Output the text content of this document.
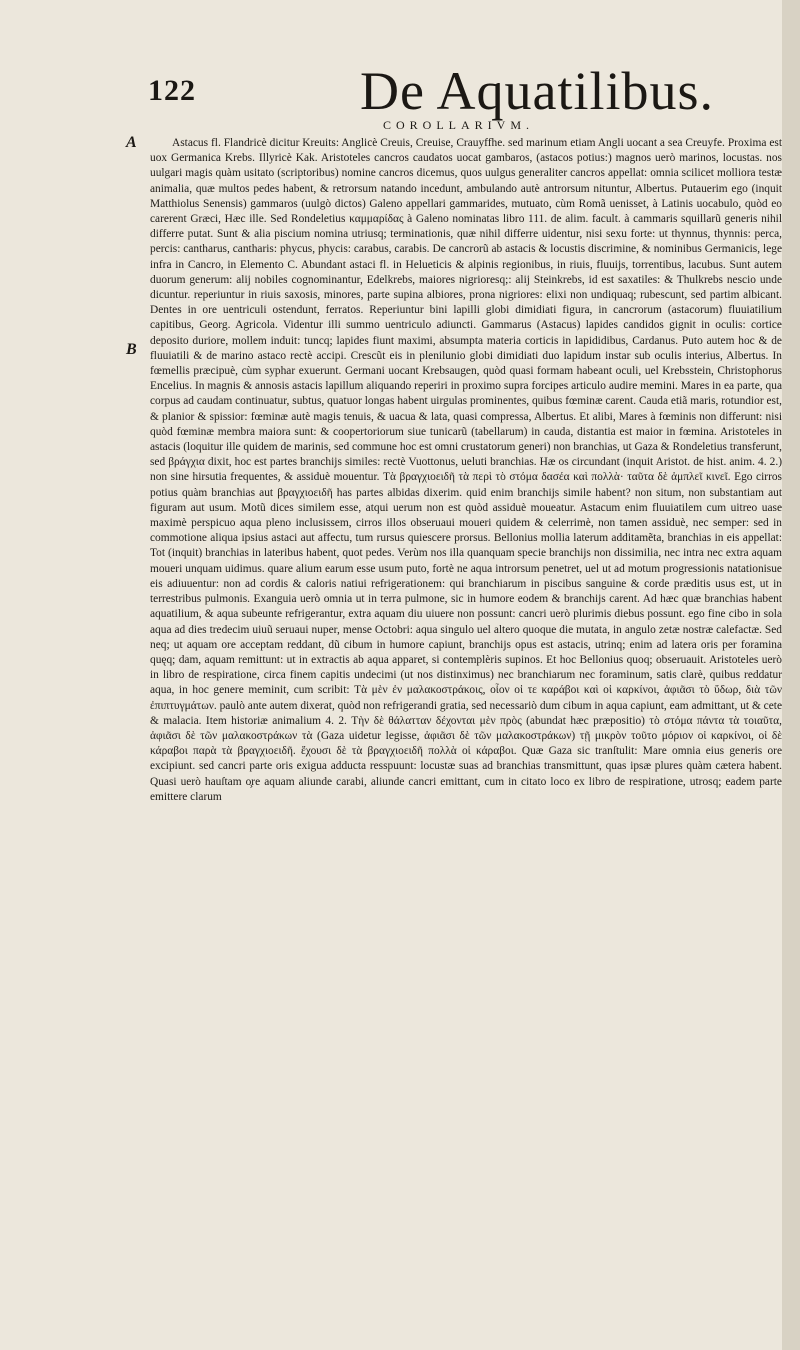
122	De Aquatilibus.
COROLLARIVM.
A
B
Astacus fl. Flandricè dicitur Kreuits: Anglicè Creuis, Creuise, Crauyffhe. sed marinum etiam Angli uocant a sea Creuyfe. Proxima est uox Germanica Krebs. Illyricè Kak. Aristoteles cancros caudatos uocat gambaros, (astacos potius:) magnos uerò marinos, locustas. nos uulgari magis quàm usitato (scriptoribus) nomine cancros dicemus, quos uulgus generaliter cancros appellat: omnia scilicet molliora testæ animalia, quæ multos pedes habent, & retrorsum natando incedunt, ambulando autè antrorsum nituntur, Albertus. Putauerim ego (inquit Matthiolus Senensis) gammaros (uulgò dictos) Galeno appellari gammarides, mutuato, cùm Romã uenisset, à Latinis uocabulo, quòd eo carerent Græci, Hæc ille. Sed Rondeletius καμμαρίδας à Galeno nominatas libro 111. de alim. facult. à cammaris squillarũ generis nihil differre putat. Sunt & alia piscium nomina utriusq; terminationis, quæ nihil differre uidentur, nisi sexu forte: ut thynnus, thynnis: perca, percis: cantharus, cantharis: phycus, phycis: carabus, carabis. De cancrorũ ab astacis & locustis discrimine, & nominibus Germanicis, lege infra in Cancro, in Elemento C. Abundant astaci fl. in Helueticis & alpinis regionibus, in riuis, fluuijs, torrentibus, lacubus. Sunt autem duorum generum: alij nobiles cognominantur, Edelkrebs, maiores nigrioresq;: alij Steinkrebs, id est saxatiles: & Thulkrebs nescio unde dicuntur. reperiuntur in riuis saxosis, minores, parte supina albiores, prona nigriores: elixi non undiquaq; rubescunt, sed partim albicant. Dentes in ore uentriculi ostendunt, ferratos. Reperiuntur bini lapilli globi dimidiati figura, in cancrorum (astacorum) fluuiatilium capitibus, Georg. Agricola. Videntur illi summo uentriculo adiuncti. Gammarus (Astacus) lapides candidos gignit in oculis: cortice deposito duriore, mollem induit: tuncq; lapides fiunt maximi, absumpta materia corticis in lapididibus, Cardanus. Puto autem hoc & de fluuiatili & de marino astaco rectè accipi. Crescũt eis in plenilunio globi dimidiati duo lapidum instar sub oculis interius, Albertus. In fœmellis præcipuè, cùm syphar exuerunt. Germani uocant Krebsaugen, quòd quasi formam habeant oculi, uel Krebsstein, Christophorus Encelius. In magnis & annosis astacis lapillum aliquando reperiri in proximo supra forcipes articulo audire memini. Mares in ea parte, qua corpus ad caudam continuatur, subtus, quatuor longas habent uirgulas prominentes, quibus fœminæ carent. Cauda etiã maris, rotundior est, & planior & spissior: fœminæ autè magis tenuis, & uacua & lata, quasi compressa, Albertus. Et alibi, Mares à fœminis non differunt: nisi quòd fœminæ membra maiora sunt: & coopertoriorum siue tunicarũ (tabellarum) in cauda, distantia est maior in fœmina. Aristoteles in astacis (loquitur ille quidem de marinis, sed commune hoc est omni crustatorum generi) non branchias, ut Gaza & Rondeletius transferunt, sed βράγχια dixit, hoc est partes branchijs similes: rectè Vuottonus, ueluti branchias. Hæ os circundant (inquit Aristot. de hist. anim. 4. 2.) non sine hirsutia frequentes, & assiduè mouentur. Τὰ βραγχιοειδῆ τὰ περὶ τὸ στόμα δασέα καὶ πολλὰ· ταῦτα δὲ ἀμπλεῖ κινεῖ. Ego cirros potius quàm branchias aut βραγχιοειδῆ has partes albidas dixerim. quid enim branchijs simile habent? non situm, non substantiam aut figuram aut usum. Motũ dices similem esse, atqui uerum non est quòd assiduè moueatur. Astacum enim fluuiatilem cum uitreo uase maximè perspicuo aqua pleno inclusissem, cirros illos obseruaui moueri quidem & celerrimè, non tamen assiduè, nec semper: sed in commotione aliqua ipsius astaci aut affectu, tum rursus quiescere prorsus. Bellonius mollia laterum additamẽta, branchias in eis appellat: Tot (inquit) branchias in lateribus habent, quot pedes. Verùm nos illa quanquam specie branchijs non dissimilia, nec intra nec extra aquam moueri unquam uidimus. quare alium earum esse usum puto, fortè ne aqua introrsum penetret, uel ut ad motum progressionis natationisue eis adiuuentur: non ad cordis & caloris natiui refrigerationem: qui branchiarum in piscibus sanguine & corde præditis usus est, ut in terrestribus pulmonis. Exanguia uerò omnia ut in terra pulmone, sic in humore eodem & branchijs carent. Ad hæc quæ branchias habent aquatilium, & aqua subeunte refrigerantur, extra aquam diu uiuere non possunt: cancri uerò plurimis diebus possunt. ego fine cibo in sola aqua ad dies tredecim uiuũ seruaui nuper, mense Octobri: aqua singulo uel altero quoque die mutata, in angulo zetæ nostræ calefactæ. Sed neq; ut aquam ore acceptam reddant, dũ cibum in humore capiunt, branchijs opus est astacis, utrinq; enim ad latera oris per foramina quęq; dam, aquam remittunt: ut in extractis ab aqua apparet, si contemplèris supinos. Et hoc Bellonius quoq; obseruauit. Aristoteles uerò in libro de respiratione, circa finem capitis undecimi (ut nos distinximus) nec branchiarum nec foraminum, satis clarè, quibus reddatur aqua, in hoc genere meminit, cum scribit: Τὰ μὲν ἐν μαλακοστράκοις, οἷον οἱ τε καράβοι καὶ οἱ καρκίνοι, ἀφιᾶσι τὸ ὕδωρ, διὰ τῶν ἐπιπτυγμάτων. paulò ante autem dixerat, quòd non refrigerandi gratia, sed necessariò dum cibum in aqua capiunt, eam admittant, ut & cete & malacia. Item historiæ animalium 4. 2. Τὴν δὲ θάλατταν δέχονται μὲν πρὸς (abundat hæc præpositio) τὸ στόμα πάντα τὰ τοιαῦτα, ἀφιᾶσι δὲ τῶν μαλακοστράκων τὰ (Gaza uidetur legisse, ἀφιᾶσι δὲ τῶν μαλακοστράκων) τῇ μικρὸν τοῦτο μόριον οἱ καρκίνοι, οἱ δὲ κάραβοι παρὰ τὰ βραγχιοειδῆ. ἔχουσι δὲ τὰ βραγχιοειδῆ πολλὰ οἱ κάραβοι. Quæ Gaza sic tranſtulit: Mare omnia eius generis ore excipiunt. sed cancri parte oris exigua adducta resspuunt: locustæ suas ad branchias transmittunt, quas ipsæ plures quàm cætera habent. Quasi uerò hauſtam o̧re aquam aliunde carabi, aliunde cancri emittant, cum in citato loco ex libro de respiratione, utrosq; eadem parte emittere clarum
